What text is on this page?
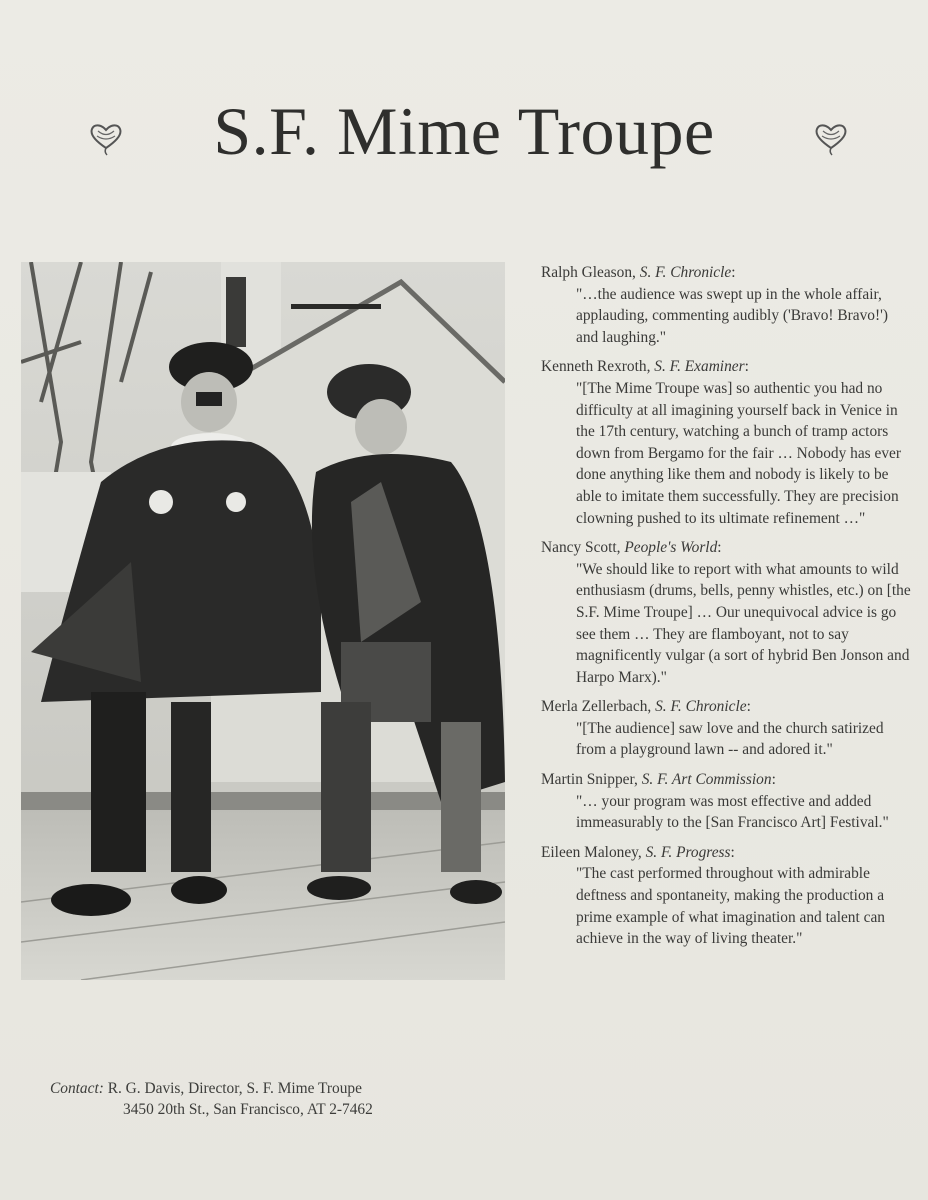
S.F. Mime Troupe
Ralph Gleason, S. F. Chronicle:
"…the audience was swept up in the whole affair, applauding, commenting audibly ('Bravo! Bravo!') and laughing."
Kenneth Rexroth, S. F. Examiner:
"[The Mime Troupe was] so authentic you had no difficulty at all imagining yourself back in Venice in the 17th century, watching a bunch of tramp actors down from Bergamo for the fair … Nobody has ever done anything like them and nobody is likely to be able to imitate them successfully. They are precision clowning pushed to its ultimate refinement …"
Nancy Scott, People's World:
"We should like to report with what amounts to wild enthusiasm (drums, bells, penny whistles, etc.) on [the S.F. Mime Troupe] … Our unequivocal advice is go see them … They are flamboyant, not to say magnificently vulgar (a sort of hybrid Ben Jonson and Harpo Marx)."
Merla Zellerbach, S. F. Chronicle:
"[The audience] saw love and the church satirized from a playground lawn -- and adored it."
Martin Snipper, S. F. Art Commission:
"… your program was most effective and added immeasurably to the [San Francisco Art] Festival."
Eileen Maloney, S. F. Progress:
"The cast performed throughout with admirable deftness and spontaneity, making the production a prime example of what imagination and talent can achieve in the way of living theater."
Contact: R. G. Davis, Director, S. F. Mime Troupe
3450 20th St., San Francisco, AT 2-7462
